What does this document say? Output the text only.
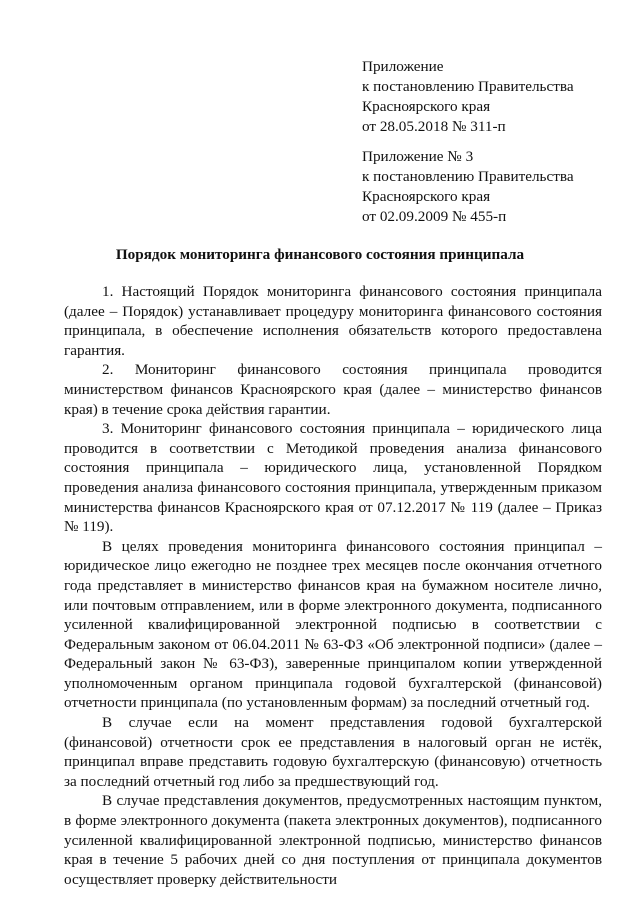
Приложение
к постановлению Правительства
Красноярского края
от 28.05.2018 № 311-п
Приложение № 3
к постановлению Правительства
Красноярского края
от 02.09.2009 № 455-п
Порядок мониторинга финансового состояния принципала

1. Настоящий Порядок мониторинга финансового состояния принципала (далее – Порядок) устанавливает процедуру мониторинга финансового состояния принципала, в обеспечение исполнения обязательств которого предоставлена гарантия.

2. Мониторинг финансового состояния принципала проводится министерством финансов Красноярского края (далее – министерство финансов края) в течение срока действия гарантии.

3. Мониторинг финансового состояния принципала – юридического лица проводится в соответствии с Методикой проведения анализа финансового состояния принципала – юридического лица, установленной Порядком проведения анализа финансового состояния принципала, утвержденным приказом министерства финансов Красноярского края от 07.12.2017 № 119 (далее – Приказ № 119).

В целях проведения мониторинга финансового состояния принципал – юридическое лицо ежегодно не позднее трех месяцев после окончания отчетного года представляет в министерство финансов края на бумажном носителе лично, или почтовым отправлением, или в форме электронного документа, подписанного усиленной квалифицированной электронной подписью в соответствии с Федеральным законом от 06.04.2011 № 63-ФЗ «Об электронной подписи» (далее – Федеральный закон № 63-ФЗ), заверенные принципалом копии утвержденной уполномоченным органом принципала годовой бухгалтерской (финансовой) отчетности принципала (по установленным формам) за последний отчетный год.

В случае если на момент представления годовой бухгалтерской (финансовой) отчетности срок ее представления в налоговый орган не истёк, принципал вправе представить годовую бухгалтерскую (финансовую) отчетность за последний отчетный год либо за предшествующий год.

В случае представления документов, предусмотренных настоящим пунктом, в форме электронного документа (пакета электронных документов), подписанного усиленной квалифицированной электронной подписью, министерство финансов края в течение 5 рабочих дней со дня поступления от принципала документов осуществляет проверку действительности
